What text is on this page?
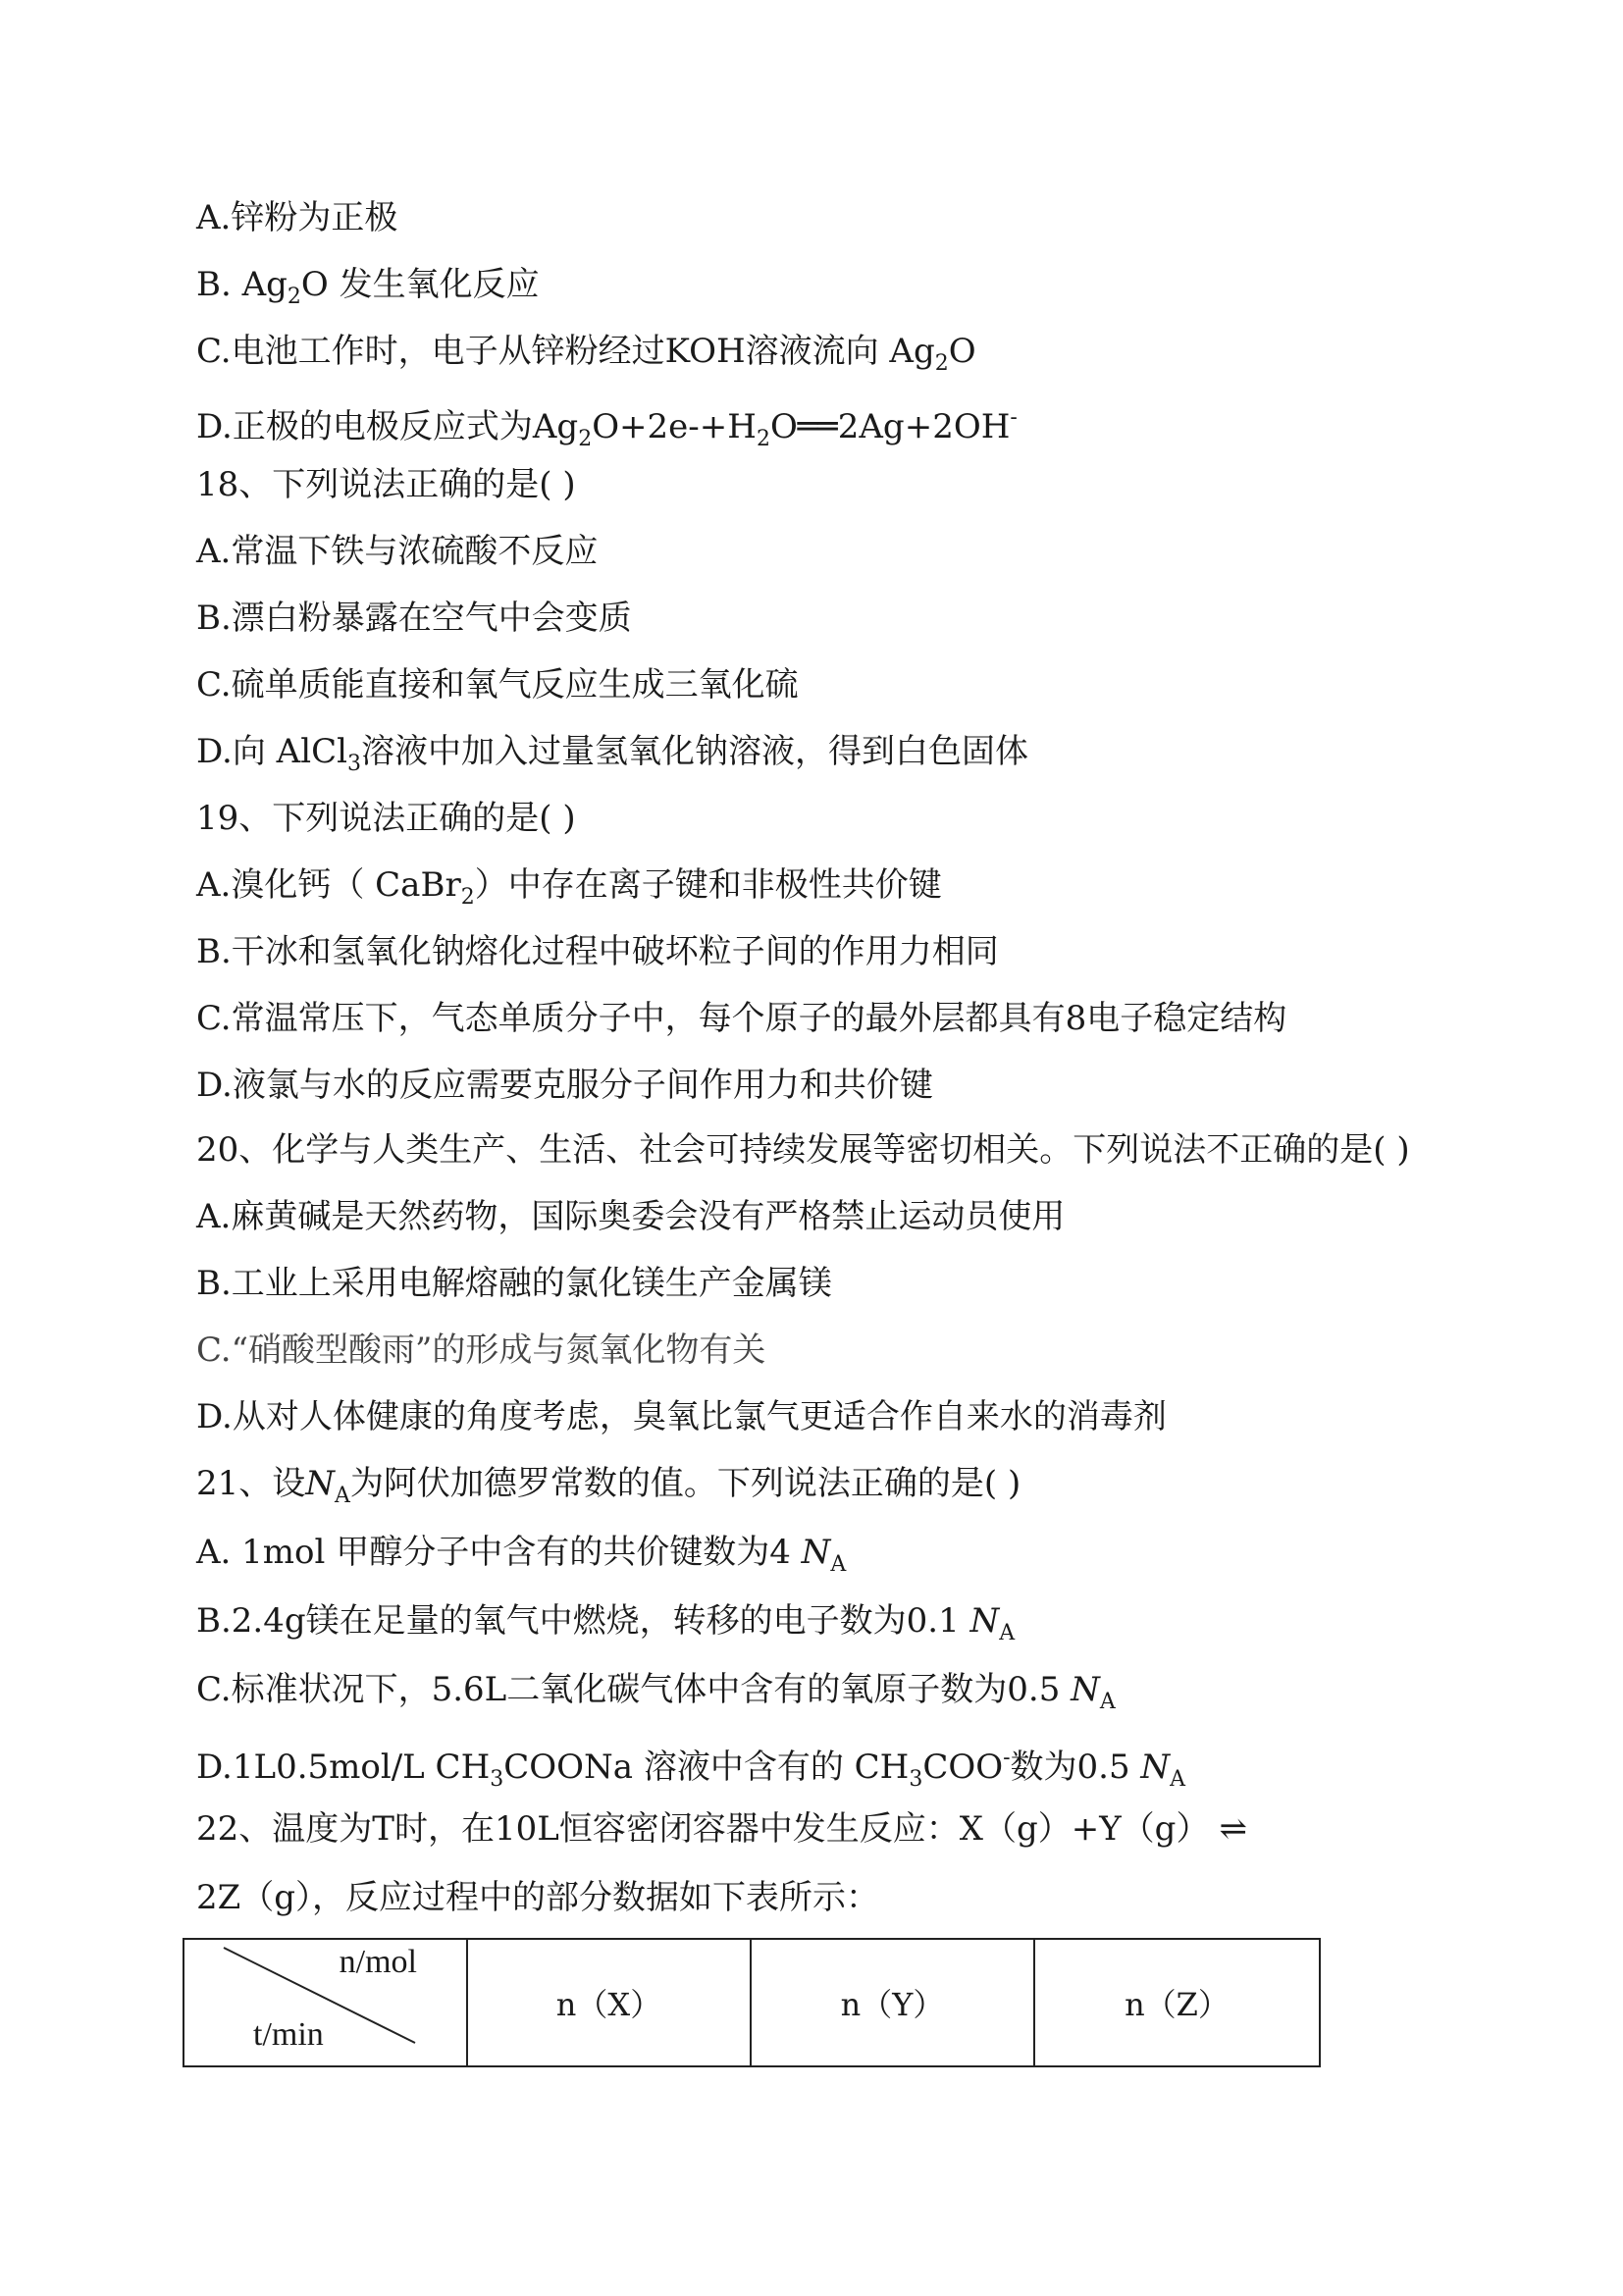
A.锌粉为正极
B. $Ag_2O$ 发生氧化反应
C.电池工作时，电子从锌粉经过KOH溶液流向 $Ag_2O$
D.正极的电极反应式为$Ag_2O+2e-+H_2O══2Ag+2OH^-$
18、下列说法正确的是( )
A.常温下铁与浓硫酸不反应
B.漂白粉暴露在空气中会变质
C.硫单质能直接和氧气反应生成三氧化硫
D.向 AlCl$_3$溶液中加入过量氢氧化钠溶液，得到白色固体
19、下列说法正确的是( )
A.溴化钙（ CaBr$_2$）中存在离子键和非极性共价键
B.干冰和氢氧化钠熔化过程中破坏粒子间的作用力相同
C.常温常压下，气态单质分子中，每个原子的最外层都具有8电子稳定结构
D.液氯与水的反应需要克服分子间作用力和共价键
20、化学与人类生产、生活、社会可持续发展等密切相关。下列说法不正确的是( )
A.麻黄碱是天然药物，国际奥委会没有严格禁止运动员使用
B.工业上采用电解熔融的氯化镁生产金属镁
C.“硝酸型酸雨”的形成与氮氧化物有关
D.从对人体健康的角度考虑，臭氧比氯气更适合作自来水的消毒剂
21、设$N_A$为阿伏加德罗常数的值。下列说法正确的是( )
A. 1mol 甲醇分子中含有的共价键数为4 $N_A$
B.2.4g镁在足量的氧气中燃烧，转移的电子数为0.1 $N_A$
C.标准状况下，5.6L二氧化碳气体中含有的氧原子数为0.5 $N_A$
D.1L0.5mol/L $CH_3COONa$ 溶液中含有的 $CH_3COO^-$数为0.5 $N_A$
22、温度为T时，在10L恒容密闭容器中发生反应：X（g）+Y（g） ⇌
2Z（g），反应过程中的部分数据如下表所示：
n/mol
t/min
n（X）	n（Y）	n（Z）
